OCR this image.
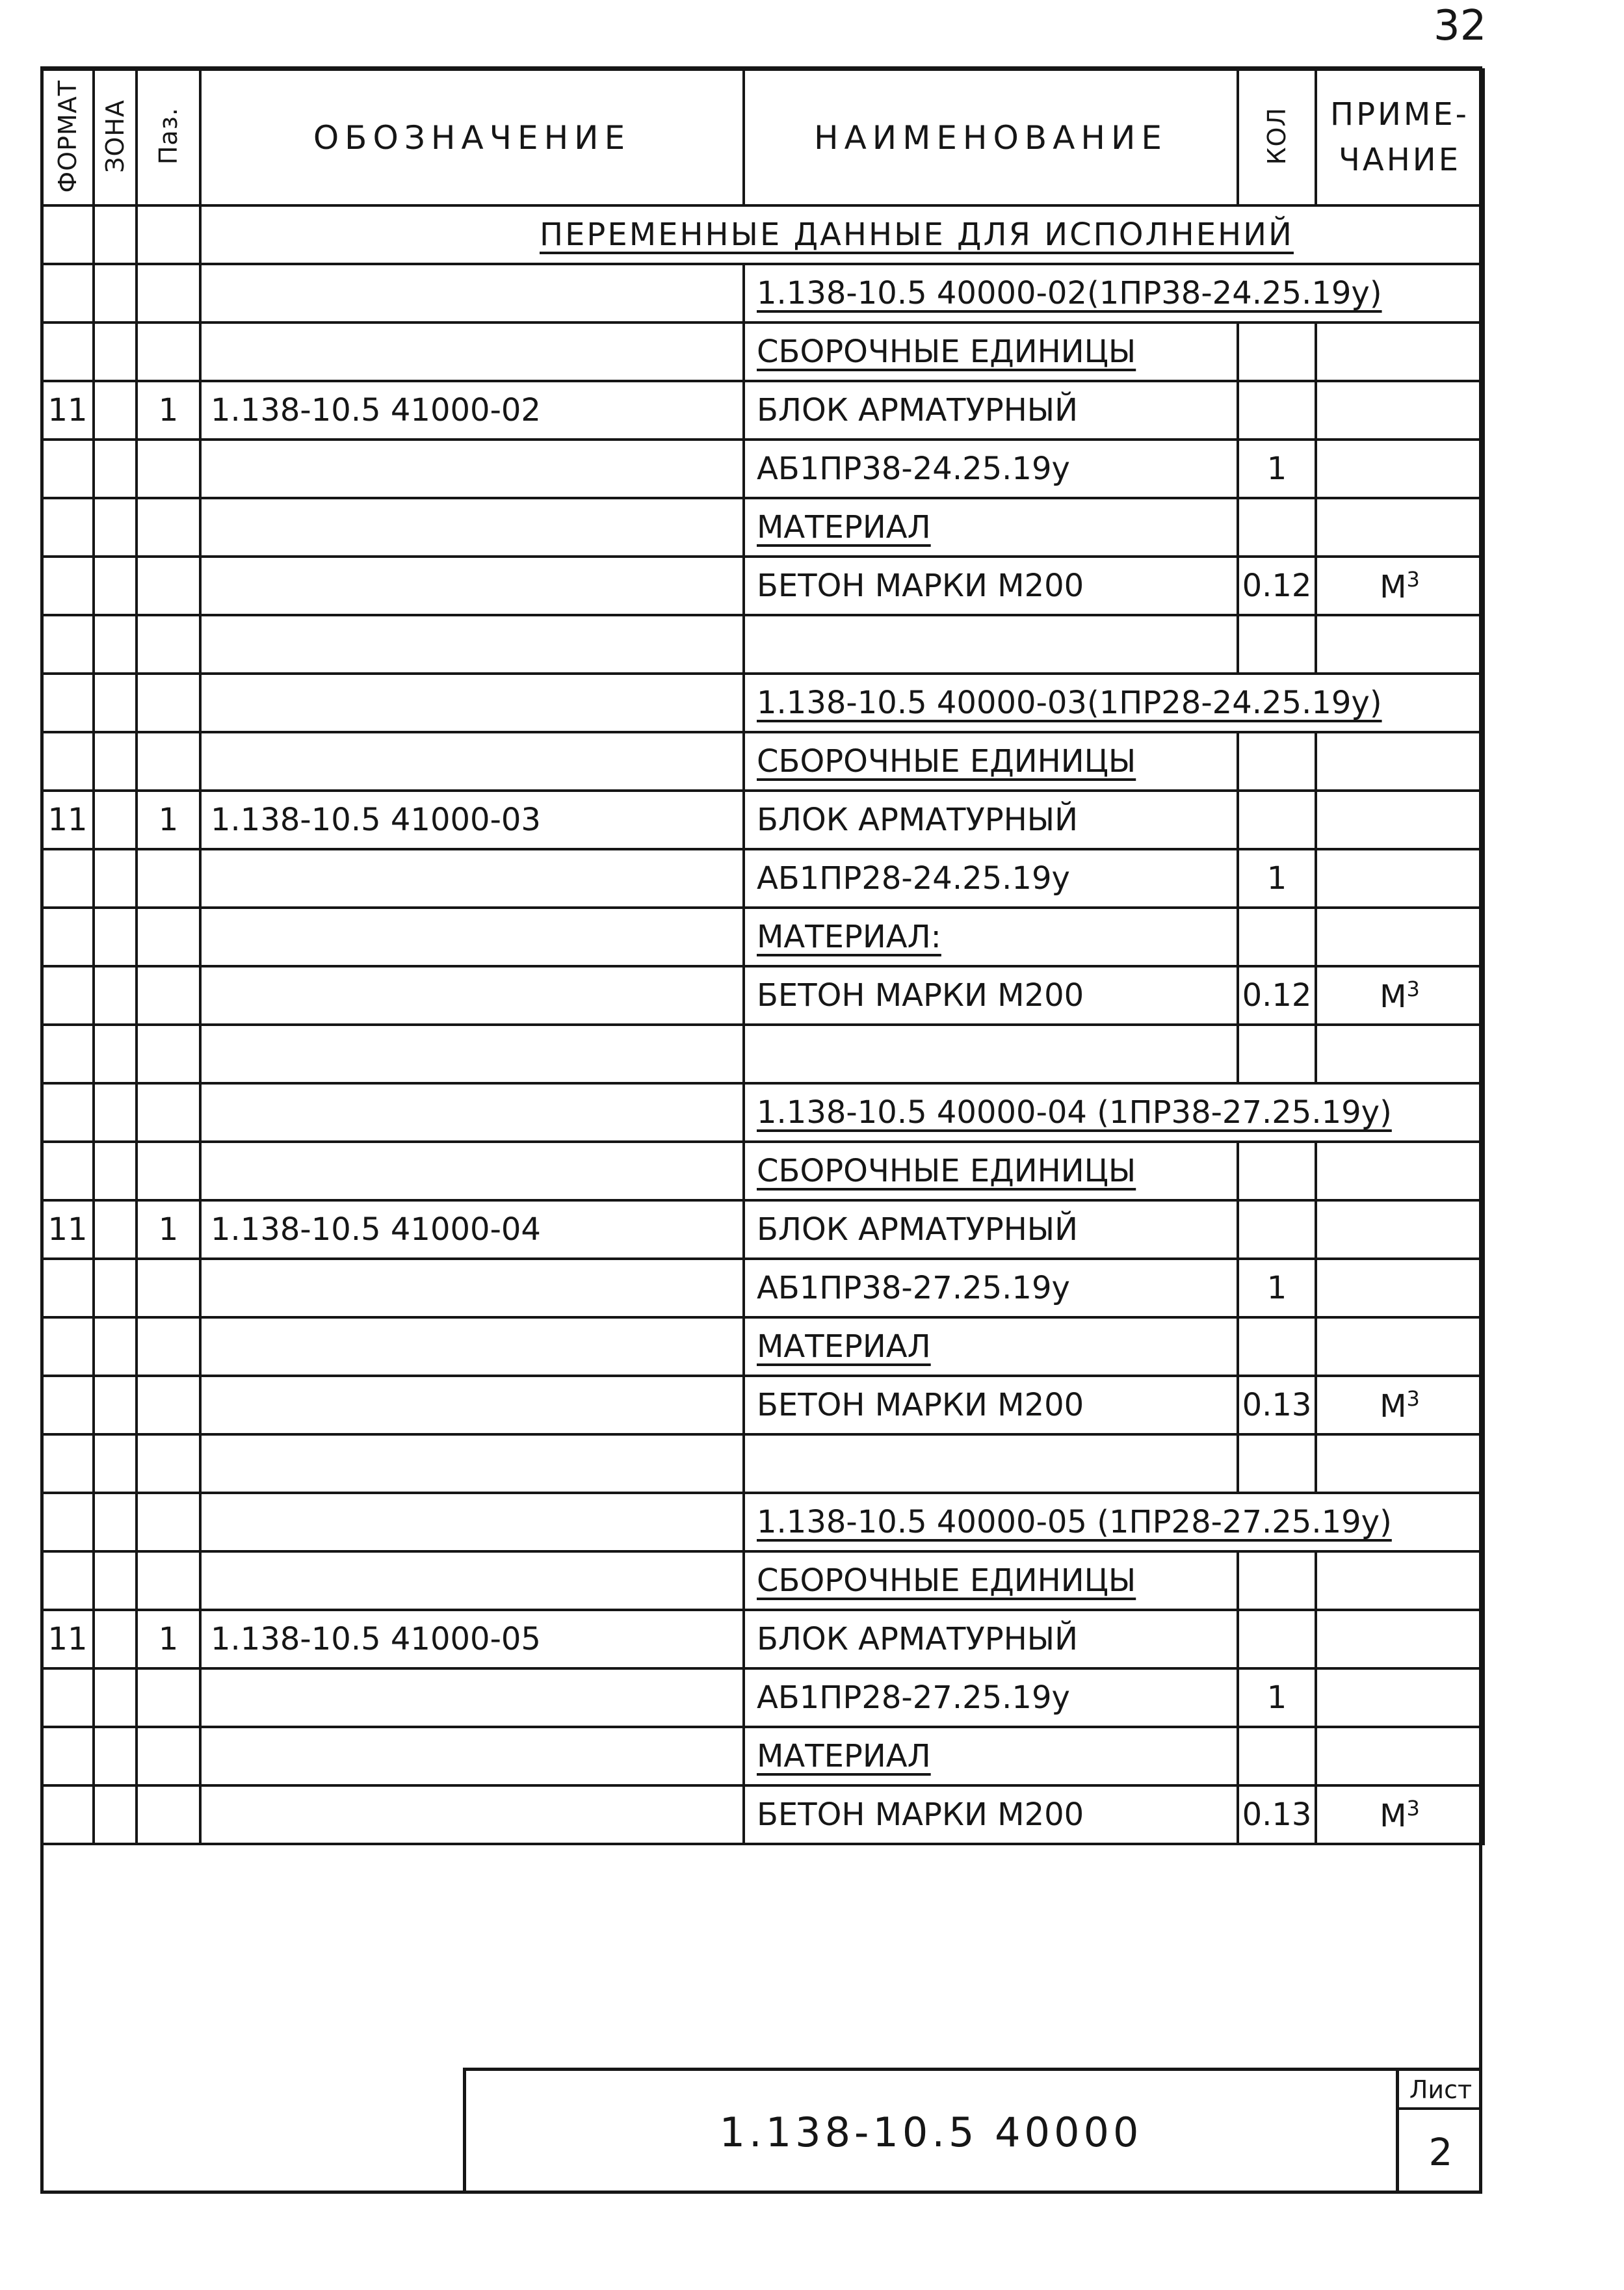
32
ФОРМАТ	ЗОНА	Паз.	ОБОЗНАЧЕНИЕ	НАИМЕНОВАНИЕ	КОЛ	ПРИМЕ-
ЧАНИЕ

			ПЕРЕМЕННЫЕ ДАННЫЕ ДЛЯ ИСПОЛНЕНИЙ			
				1.138-10.5 40000-02(1ПР38-24.25.19у)		
				СБОРОЧНЫЕ ЕДИНИЦЫ		
11		1	1.138-10.5 41000-02	БЛОК АРМАТУРНЫЙ		
				АБ1ПР38-24.25.19у	1	
				МАТЕРИАЛ		
				БЕТОН МАРКИ М200	0.12	$М^3$

				1.138-10.5 40000-03(1ПР28-24.25.19у)		
				СБОРОЧНЫЕ ЕДИНИЦЫ		
11		1	1.138-10.5 41000-03	БЛОК АРМАТУРНЫЙ		
				АБ1ПР28-24.25.19у	1	
				МАТЕРИАЛ:		
				БЕТОН МАРКИ М200	0.12	$М^3$

				1.138-10.5 40000-04 (1ПР38-27.25.19у)		
				СБОРОЧНЫЕ ЕДИНИЦЫ		
11		1	1.138-10.5 41000-04	БЛОК АРМАТУРНЫЙ		
				АБ1ПР38-27.25.19у	1	
				МАТЕРИАЛ		
				БЕТОН МАРКИ М200	0.13	$М^3$

				1.138-10.5 40000-05 (1ПР28-27.25.19у)		
				СБОРОЧНЫЕ ЕДИНИЦЫ		
11		1	1.138-10.5 41000-05	БЛОК АРМАТУРНЫЙ		
				АБ1ПР28-27.25.19у	1	
				МАТЕРИАЛ		
				БЕТОН МАРКИ М200	0.13	$М^3$
1.138-10.5 40000
Лист
2
